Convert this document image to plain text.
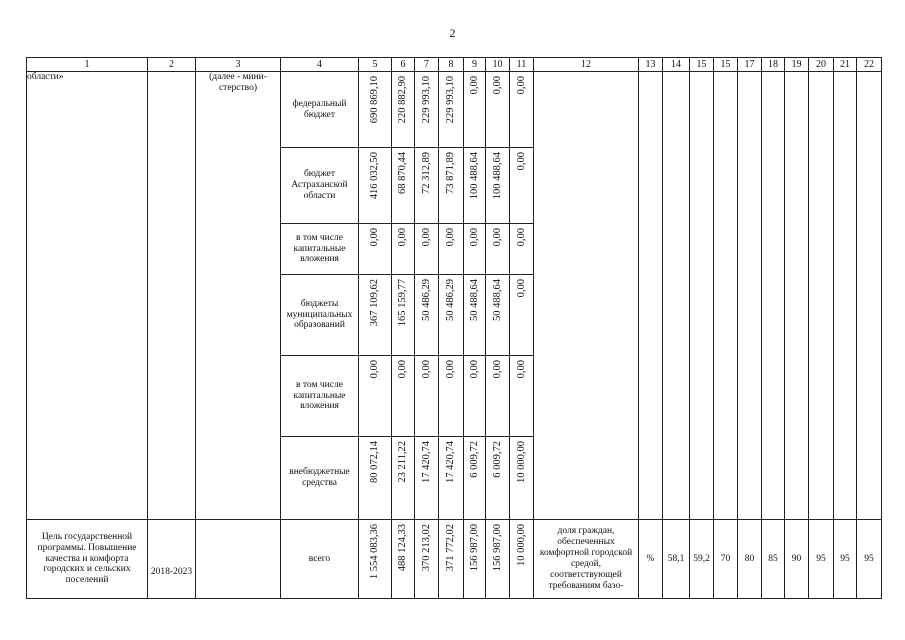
2
1	2	3	4	5	6	7	8	9	10	11	12	13	14	15	15	17	18	19	20	21	22
области»		(далее - мини-стерство)	федеральный бюджет	690 869,10	220 882,90	229 993,10	229 993,10	0,00	0,00	0,00											

			бюджет Астраханской области	416 032,50	68 870,44	72 312,89	73 871,89	100 488,64	100 488,64	0,00											

			в том числе капитальные вложения	0,00	0,00	0,00	0,00	0,00	0,00	0,00											

			бюджеты муниципальных образований	367 109,62	165 159,77	50 486,29	50 486,29	50 488,64	50 488,64	0,00											

			в том числе капитальные вложения	0,00	0,00	0,00	0,00	0,00	0,00	0,00											

			внебюджетные средства	80 072,14	23 211,22	17 420,74	17 420,74	6 009,72	6 009,72	10 000,00											

Цель государственной программы. Повышение качества и комфорта городских и сельских поселений	2018-2023		всего	1 554 083,36	488 124,33	370 213,02	371 772,02	156 987,00	156 987,00	10 000,00	доля граждан, обеспеченных комфортной городской средой, соответствующей требованиям базо-	%	58,1	59,2	70	80	85	90	95	95	95
